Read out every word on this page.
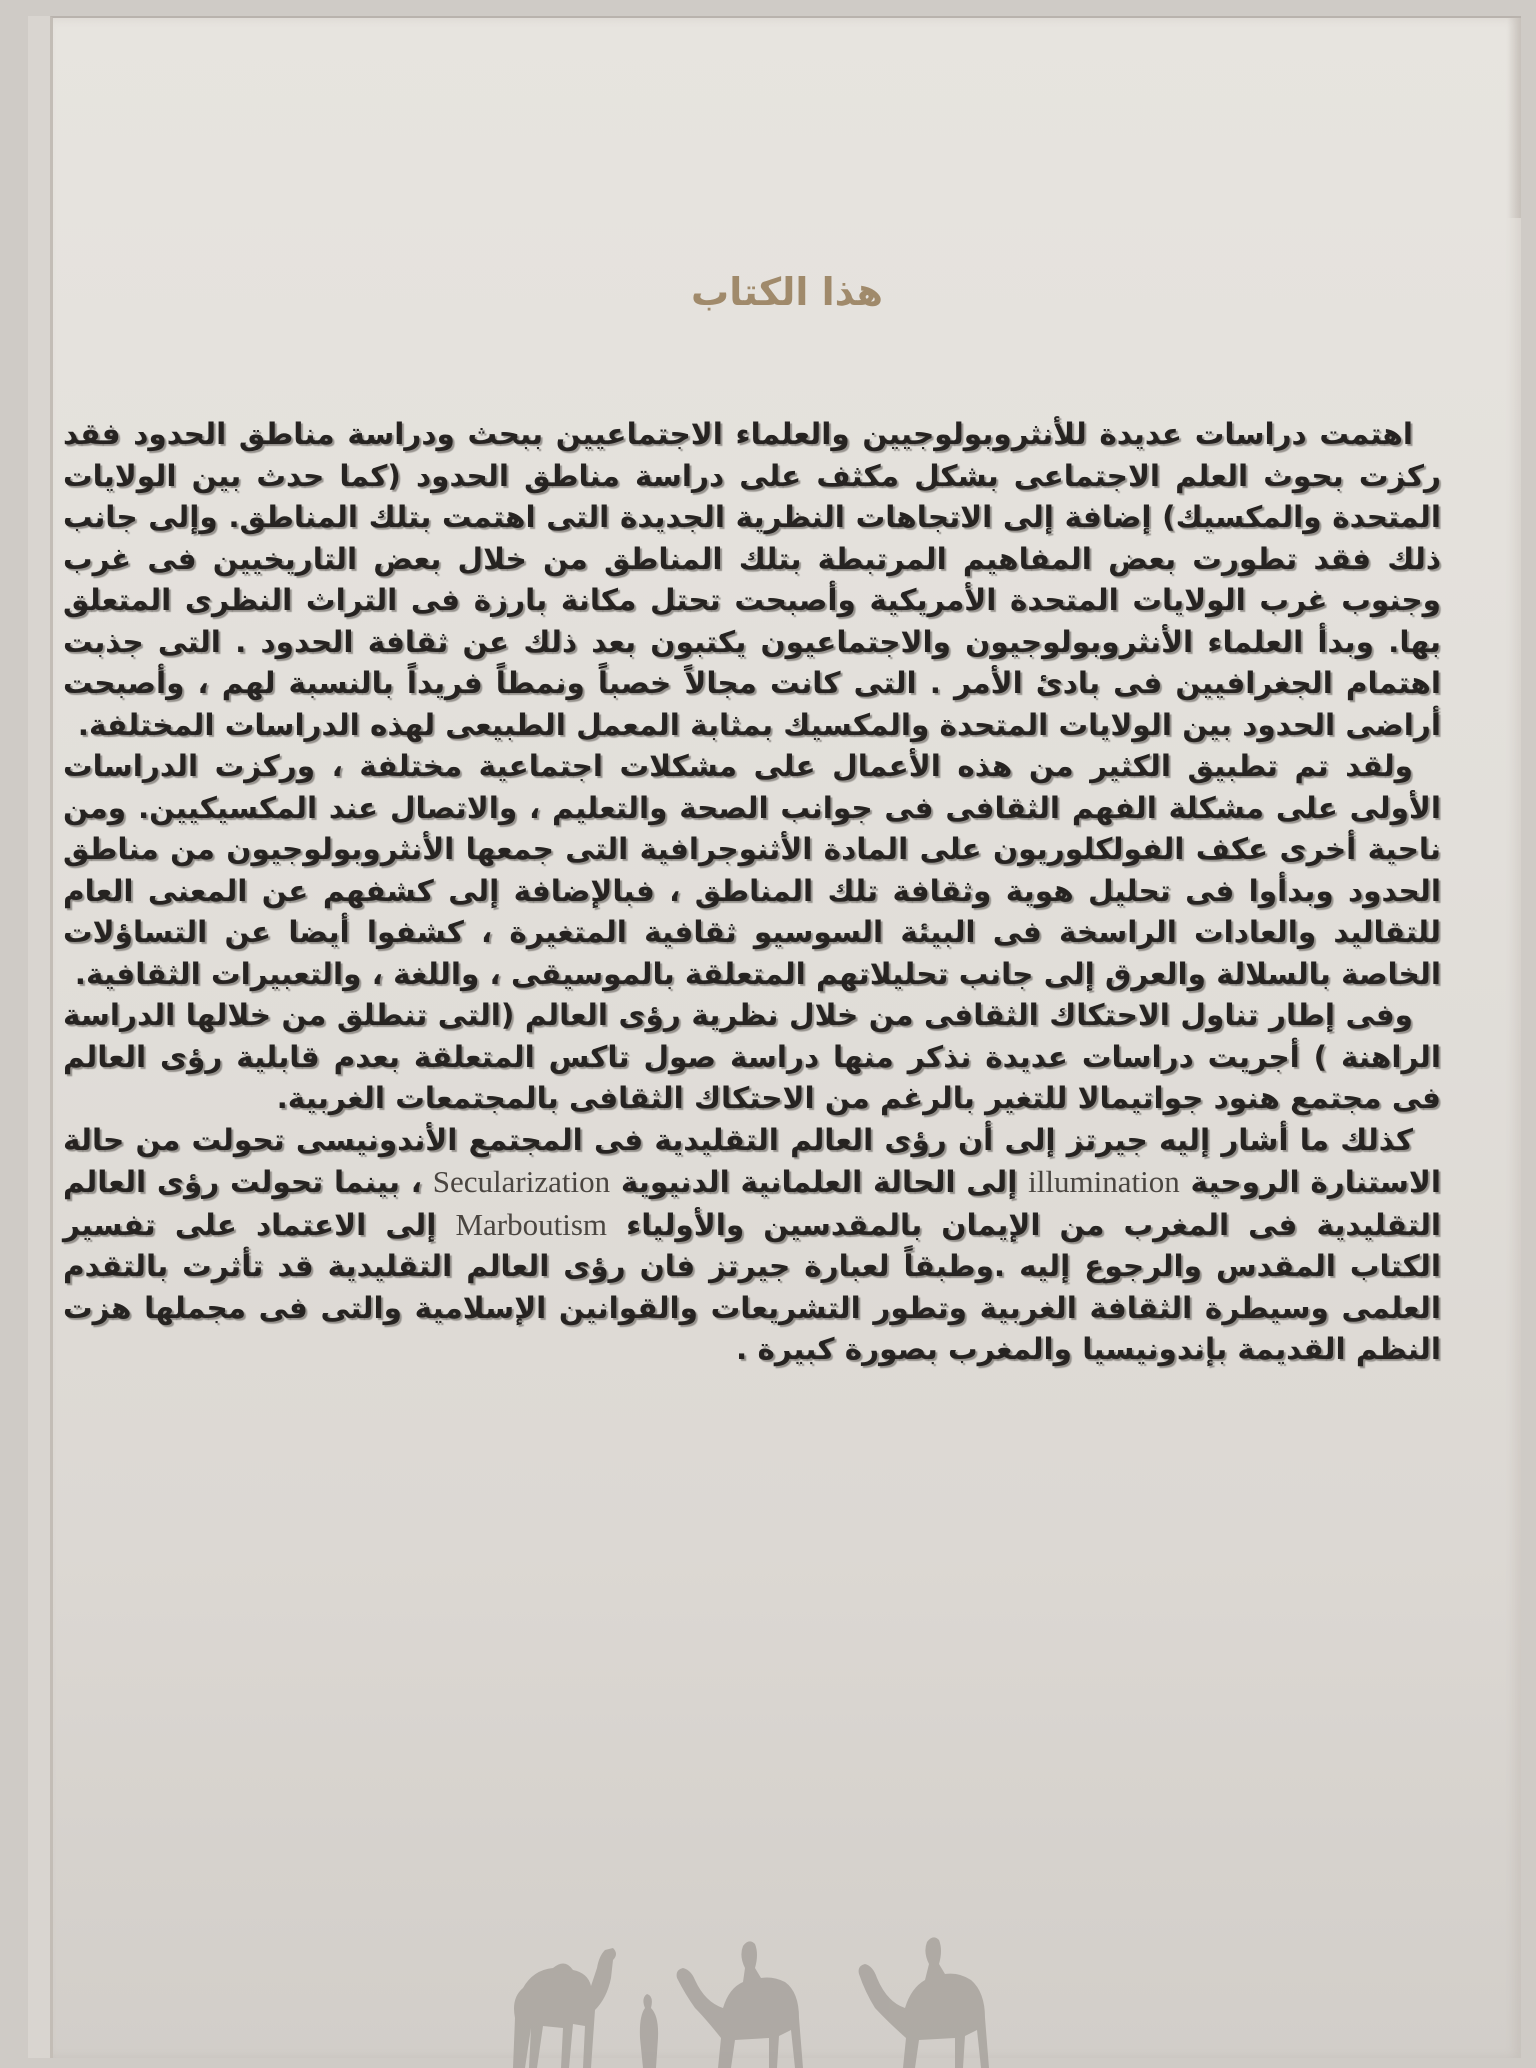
هذا الكتاب

اهتمت دراسات عديدة للأنثروبولوجيين والعلماء الاجتماعيين ببحث ودراسة مناطق الحدود فقد ركزت بحوث العلم الاجتماعى بشكل مكثف على دراسة مناطق الحدود (كما حدث بين الولايات المتحدة والمكسيك) إضافة إلى الاتجاهات النظرية الجديدة التى اهتمت بتلك المناطق. وإلى جانب ذلك فقد تطورت بعض المفاهيم المرتبطة بتلك المناطق من خلال بعض التاريخيين فى غرب وجنوب غرب الولايات المتحدة الأمريكية وأصبحت تحتل مكانة بارزة فى التراث النظرى المتعلق بها. وبدأ العلماء الأنثروبولوجيون والاجتماعيون يكتبون بعد ذلك عن ثقافة الحدود . التى جذبت اهتمام الجغرافيين فى بادئ الأمر . التى كانت مجالاً خصباً ونمطاً فريداً بالنسبة لهم ، وأصبحت أراضى الحدود بين الولايات المتحدة والمكسيك بمثابة المعمل الطبيعى لهذه الدراسات المختلفة.

ولقد تم تطبيق الكثير من هذه الأعمال على مشكلات اجتماعية مختلفة ، وركزت الدراسات الأولى على مشكلة الفهم الثقافى فى جوانب الصحة والتعليم ، والاتصال عند المكسيكيين. ومن ناحية أخرى عكف الفولكلوريون على المادة الأثنوجرافية التى جمعها الأنثروبولوجيون من مناطق الحدود وبدأوا فى تحليل هوية وثقافة تلك المناطق ، فبالإضافة إلى كشفهم عن المعنى العام للتقاليد والعادات الراسخة فى البيئة السوسيو ثقافية المتغيرة ، كشفوا أيضا عن التساؤلات الخاصة بالسلالة والعرق إلى جانب تحليلاتهم المتعلقة بالموسيقى ، واللغة ، والتعبيرات الثقافية.

وفى إطار تناول الاحتكاك الثقافى من خلال نظرية رؤى العالم (التى تنطلق من خلالها الدراسة الراهنة ) أجريت دراسات عديدة نذكر منها دراسة صول تاكس المتعلقة بعدم قابلية رؤى العالم فى مجتمع هنود جواتيمالا للتغير بالرغم من الاحتكاك الثقافى بالمجتمعات الغربية.

كذلك ما أشار إليه جيرتز إلى أن رؤى العالم التقليدية فى المجتمع الأندونيسى تحولت من حالة الاستنارة الروحية illumination إلى الحالة العلمانية الدنيوية Secularization ، بينما تحولت رؤى العالم التقليدية فى المغرب من الإيمان بالمقدسين والأولياء Marboutism إلى الاعتماد على تفسير الكتاب المقدس والرجوع إليه .وطبقاً لعبارة جيرتز فان رؤى العالم التقليدية قد تأثرت بالتقدم العلمى وسيطرة الثقافة الغربية وتطور التشريعات والقوانين الإسلامية والتى فى مجملها هزت النظم القديمة بإندونيسيا والمغرب بصورة كبيرة .
